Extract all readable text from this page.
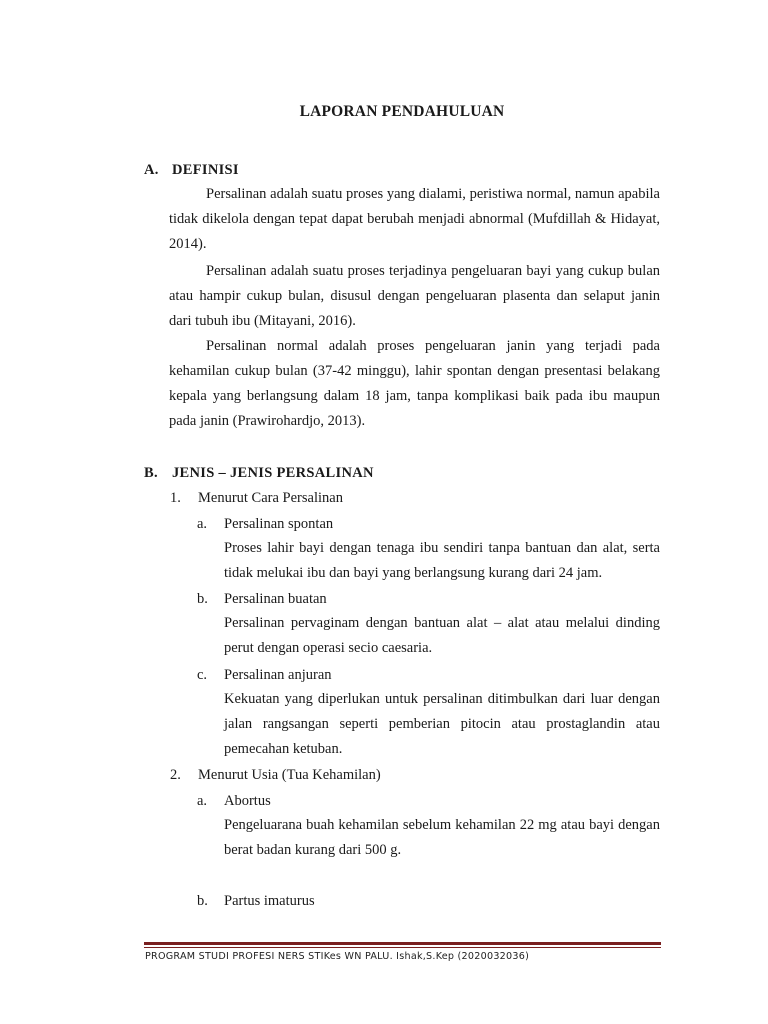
LAPORAN PENDAHULUAN
A. DEFINISI

Persalinan adalah suatu proses yang dialami, peristiwa normal, namun apabila tidak dikelola dengan tepat dapat berubah menjadi abnormal (Mufdillah & Hidayat, 2014).

Persalinan adalah suatu proses terjadinya pengeluaran bayi yang cukup bulan atau hampir cukup bulan, disusul dengan pengeluaran plasenta dan selaput janin dari tubuh ibu (Mitayani, 2016).

Persalinan normal adalah proses pengeluaran janin yang terjadi pada kehamilan cukup bulan (37-42 minggu), lahir spontan dengan presentasi belakang kepala yang berlangsung dalam 18 jam, tanpa komplikasi baik pada ibu maupun pada janin (Prawirohardjo, 2013).

B. JENIS – JENIS PERSALINAN
1. Menurut Cara Persalinan
a. Persalinan spontan

Proses lahir bayi dengan tenaga ibu sendiri tanpa bantuan dan alat, serta tidak melukai ibu dan bayi yang berlangsung kurang dari 24 jam.

b. Persalinan buatan

Persalinan pervaginam dengan bantuan alat – alat atau melalui dinding perut dengan operasi secio caesaria.

c. Persalinan anjuran

Kekuatan yang diperlukan untuk persalinan ditimbulkan dari luar dengan jalan rangsangan seperti pemberian pitocin atau prostaglandin atau pemecahan ketuban.

2. Menurut Usia (Tua Kehamilan)
a. Abortus

Pengeluarana buah kehamilan sebelum kehamilan 22 mg atau bayi dengan berat badan kurang dari 500 g.

b. Partus imaturus
PROGRAM STUDI PROFESI NERS STIKes WN PALU. Ishak,S.Kep (2020032036)
